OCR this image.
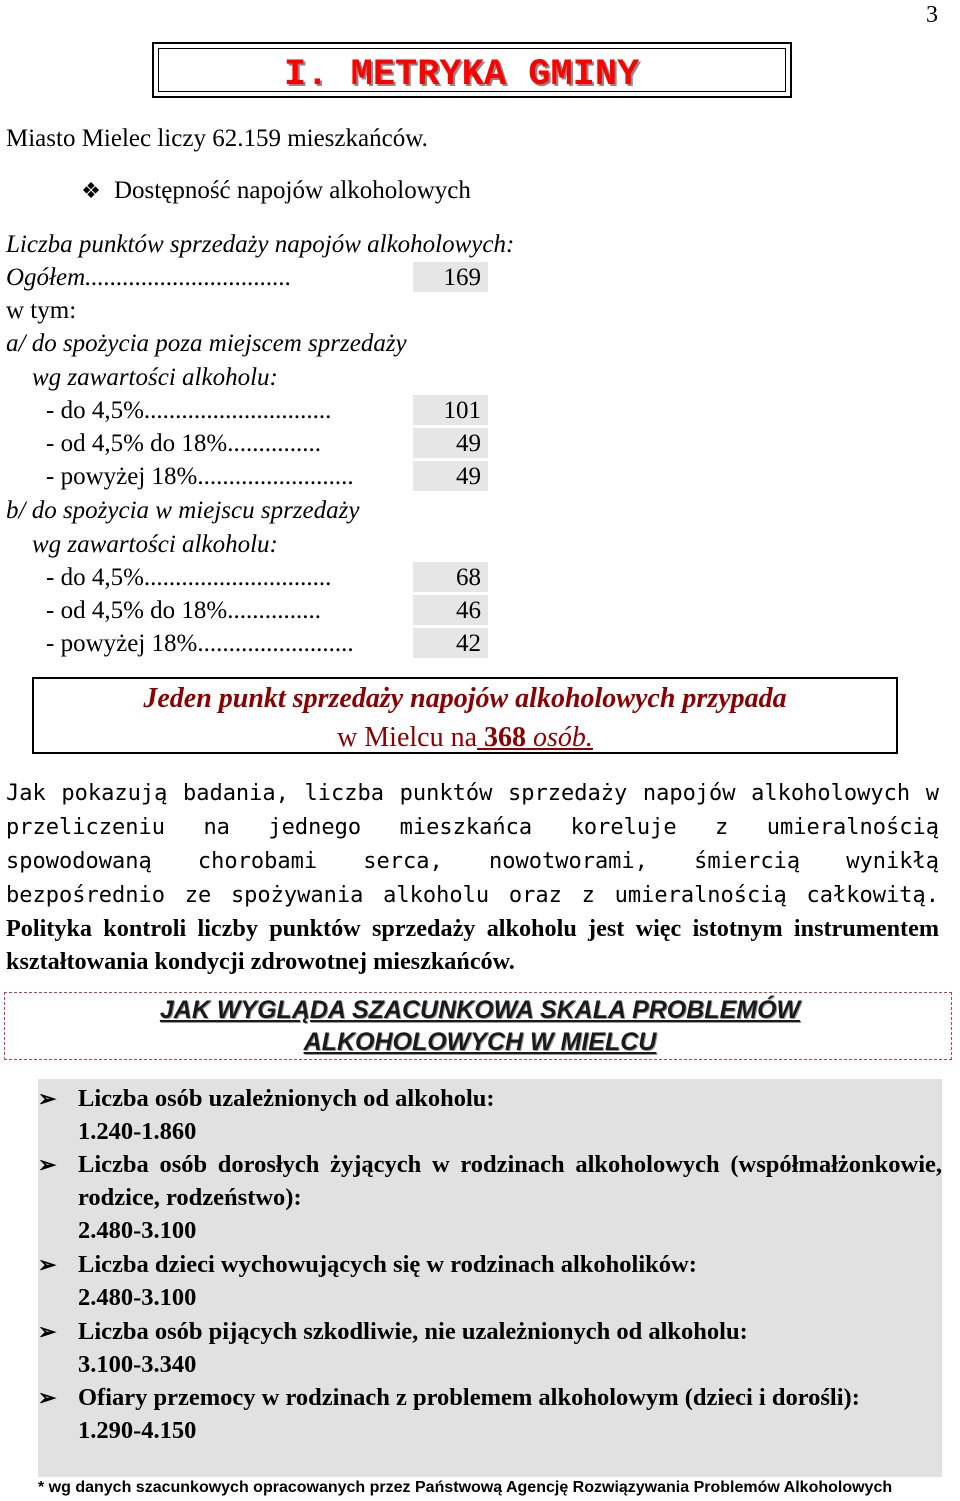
3
I. METRYKA GMINY
Miasto Mielec liczy 62.159 mieszkańców.
❖ Dostępność napojów alkoholowych
Liczba punktów sprzedaży napojów alkoholowych:
Ogółem.................................	169
w tym:
a/ do spożycia poza miejscem sprzedaży
wg zawartości alkoholu:
- do 4,5%..............................	101
- od 4,5% do 18%...............	49
- powyżej 18%.........................	49
b/ do spożycia w miejscu sprzedaży
wg zawartości alkoholu:
- do 4,5%..............................	68
- od 4,5% do 18%...............	46
- powyżej 18%.........................	42
Jeden punkt sprzedaży napojów alkoholowych przypada
w Mielcu na 368 osób.
Jak pokazują badania, liczba punktów sprzedaży napojów alkoholowych w przeliczeniu na jednego mieszkańca koreluje z umieralnością spowodowaną chorobami serca, nowotworami, śmiercią wynikłą bezpośrednio ze spożywania alkoholu oraz z umieralnością całkowitą. Polityka kontroli liczby punktów sprzedaży alkoholu jest więc istotnym instrumentem kształtowania kondycji zdrowotnej mieszkańców.
JAK WYGLĄDA SZACUNKOWA SKALA PROBLEMÓW
ALKOHOLOWYCH W MIELCU
➢ Liczba osób uzależnionych od alkoholu:
1.240-1.860
➢ Liczba osób dorosłych żyjących w rodzinach alkoholowych (współmałżonkowie, rodzice, rodzeństwo):
2.480-3.100
➢ Liczba dzieci wychowujących się w rodzinach alkoholików:
2.480-3.100
➢ Liczba osób pijących szkodliwie, nie uzależnionych od alkoholu:
3.100-3.340
➢ Ofiary przemocy w rodzinach z problemem alkoholowym (dzieci i dorośli):
1.290-4.150
* wg danych szacunkowych opracowanych przez Państwową Agencję Rozwiązywania Problemów Alkoholowych
